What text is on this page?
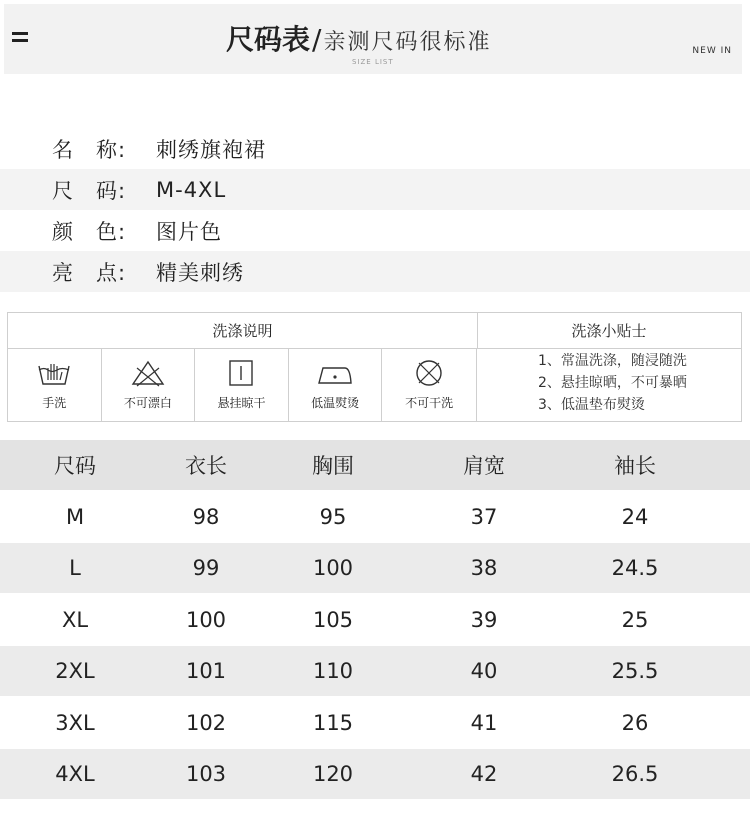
尺码表/亲测尺码很标准
SIZE LIST
NEW IN
名　称:	刺绣旗袍裙
尺　码:	M-4XL
颜　色:	图片色
亮　点:	精美刺绣
洗涤说明	洗涤小贴士
手洗	不可漂白	悬挂晾干	低温熨烫	不可干洗
1、常温洗涤，随浸随洗
2、悬挂晾晒，不可暴晒
3、低温垫布熨烫
尺码	衣长	胸围	肩宽	袖长
M	98	95	37	24
L	99	100	38	24.5
XL	100	105	39	25
2XL	101	110	40	25.5
3XL	102	115	41	26
4XL	103	120	42	26.5
